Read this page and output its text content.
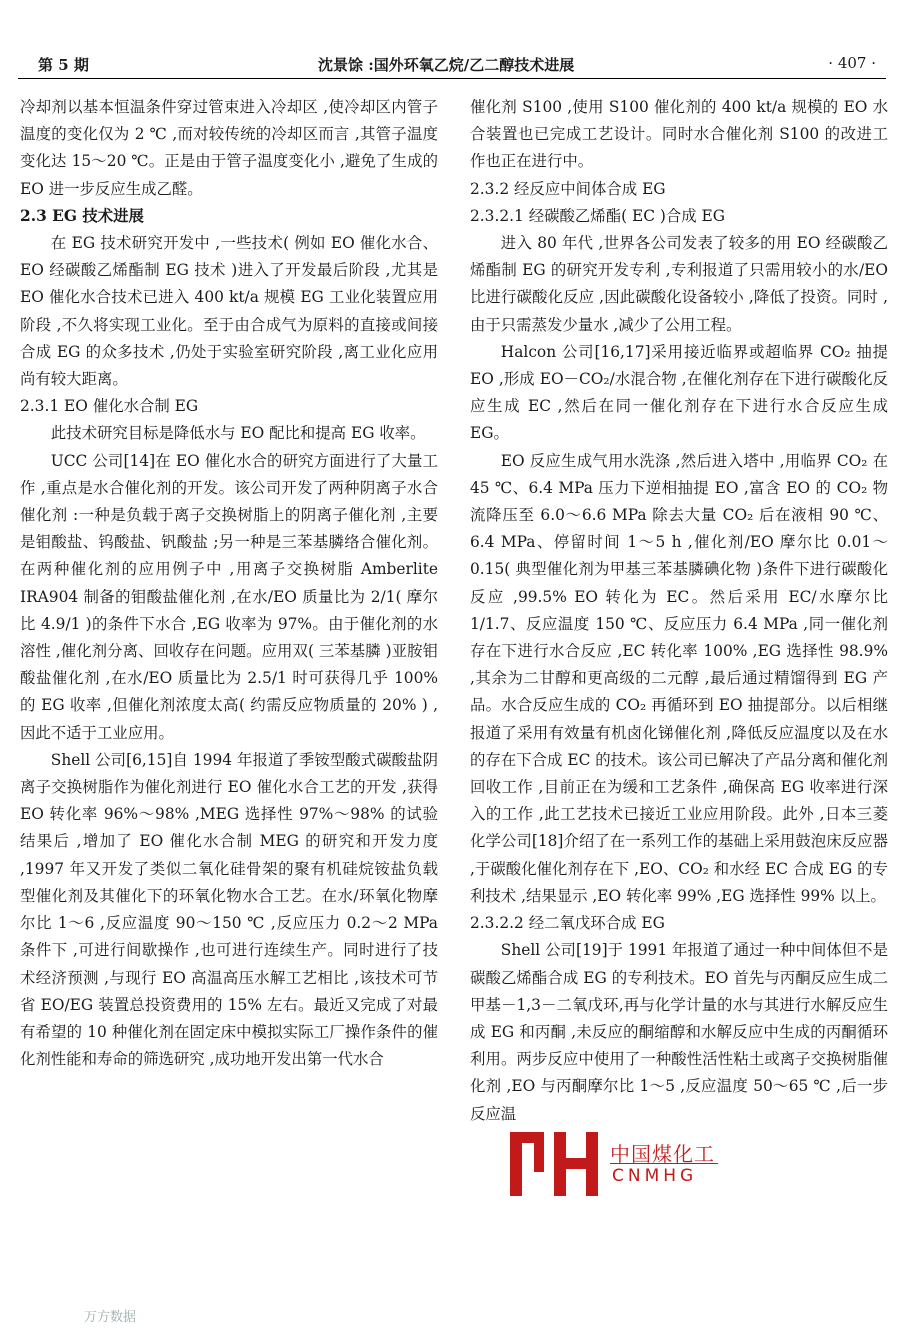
第 5 期	沈景馀 :国外环氧乙烷/乙二醇技术进展	· 407 ·

冷却剂以基本恒温条件穿过管束进入冷却区 ,使冷却区内管子温度的变化仅为 2 ℃ ,而对较传统的冷却区而言 ,其管子温度变化达 15～20 ℃。正是由于管子温度变化小 ,避免了生成的 EO 进一步反应生成乙醛。

2.3 EG 技术进展

在 EG 技术研究开发中 ,一些技术( 例如 EO 催化水合、EO 经碳酸乙烯酯制 EG 技术 )进入了开发最后阶段 ,尤其是 EO 催化水合技术已进入 400 kt/a 规模 EG 工业化装置应用阶段 ,不久将实现工业化。至于由合成气为原料的直接或间接合成 EG 的众多技术 ,仍处于实验室研究阶段 ,离工业化应用尚有较大距离。

2.3.1 EO 催化水合制 EG

此技术研究目标是降低水与 EO 配比和提高 EG 收率。

UCC 公司[14]在 EO 催化水合的研究方面进行了大量工作 ,重点是水合催化剂的开发。该公司开发了两种阴离子水合催化剂 :一种是负载于离子交换树脂上的阴离子催化剂 ,主要是钼酸盐、钨酸盐、钒酸盐 ;另一种是三苯基膦络合催化剂。在两种催化剂的应用例子中 ,用离子交换树脂 Amberlite IRA904 制备的钼酸盐催化剂 ,在水/EO 质量比为 2/1( 摩尔比 4.9/1 )的条件下水合 ,EG 收率为 97%。由于催化剂的水溶性 ,催化剂分离、回收存在问题。应用双( 三苯基膦 )亚胺钼酸盐催化剂 ,在水/EO 质量比为 2.5/1 时可获得几乎 100% 的 EG 收率 ,但催化剂浓度太高( 约需反应物质量的 20% ) ,因此不适于工业应用。

Shell 公司[6,15]自 1994 年报道了季铵型酸式碳酸盐阴离子交换树脂作为催化剂进行 EO 催化水合工艺的开发 ,获得 EO 转化率 96%～98% ,MEG 选择性 97%～98% 的试验结果后 ,增加了 EO 催化水合制 MEG 的研究和开发力度 ,1997 年又开发了类似二氧化硅骨架的聚有机硅烷铵盐负载型催化剂及其催化下的环氧化物水合工艺。在水/环氧化物摩尔比 1～6 ,反应温度 90～150 ℃ ,反应压力 0.2～2 MPa 条件下 ,可进行间歇操作 ,也可进行连续生产。同时进行了技术经济预测 ,与现行 EO 高温高压水解工艺相比 ,该技术可节省 EO/EG 装置总投资费用的 15% 左右。最近又完成了对最有希望的 10 种催化剂在固定床中模拟实际工厂操作条件的催化剂性能和寿命的筛选研究 ,成功地开发出第一代水合

催化剂 S100 ,使用 S100 催化剂的 400 kt/a 规模的 EO 水合装置也已完成工艺设计。同时水合催化剂 S100 的改进工作也正在进行中。

2.3.2 经反应中间体合成 EG

2.3.2.1 经碳酸乙烯酯( EC )合成 EG

进入 80 年代 ,世界各公司发表了较多的用 EO 经碳酸乙烯酯制 EG 的研究开发专利 ,专利报道了只需用较小的水/EO 比进行碳酸化反应 ,因此碳酸化设备较小 ,降低了投资。同时 ,由于只需蒸发少量水 ,减少了公用工程。

Halcon 公司[16,17]采用接近临界或超临界 CO₂ 抽提 EO ,形成 EO－CO₂/水混合物 ,在催化剂存在下进行碳酸化反应生成 EC ,然后在同一催化剂存在下进行水合反应生成 EG。

EO 反应生成气用水洗涤 ,然后进入塔中 ,用临界 CO₂ 在 45 ℃、6.4 MPa 压力下逆相抽提 EO ,富含 EO 的 CO₂ 物流降压至 6.0～6.6 MPa 除去大量 CO₂ 后在液相 90 ℃、6.4 MPa、停留时间 1～5 h ,催化剂/EO 摩尔比 0.01～0.15( 典型催化剂为甲基三苯基膦碘化物 )条件下进行碳酸化反应 ,99.5% EO 转化为 EC。然后采用 EC/水摩尔比 1/1.7、反应温度 150 ℃、反应压力 6.4 MPa ,同一催化剂存在下进行水合反应 ,EC 转化率 100% ,EG 选择性 98.9% ,其余为二甘醇和更高级的二元醇 ,最后通过精馏得到 EG 产品。水合反应生成的 CO₂ 再循环到 EO 抽提部分。以后相继报道了采用有效量有机卤化锑催化剂 ,降低反应温度以及在水的存在下合成 EC 的技术。该公司已解决了产品分离和催化剂回收工作 ,目前正在为缓和工艺条件 ,确保高 EG 收率进行深入的工作 ,此工艺技术已接近工业应用阶段。此外 ,日本三菱化学公司[18]介绍了在一系列工作的基础上采用鼓泡床反应器 ,于碳酸化催化剂存在下 ,EO、CO₂ 和水经 EC 合成 EG 的专利技术 ,结果显示 ,EO 转化率 99% ,EG 选择性 99% 以上。

2.3.2.2 经二氧戊环合成 EG

Shell 公司[19]于 1991 年报道了通过一种中间体但不是碳酸乙烯酯合成 EG 的专利技术。EO 首先与丙酮反应生成二甲基－1,3－二氧戊环,再与化学计量的水与其进行水解反应生成 EG 和丙酮 ,未反应的酮缩醇和水解反应中生成的丙酮循环利用。两步反应中使用了一种酸性活性粘土或离子交换树脂催化剂 ,EO 与丙酮摩尔比 1～5 ,反应温度 50～65 ℃ ,后一步反应温

中国煤化工
CNMHG
万方数据
